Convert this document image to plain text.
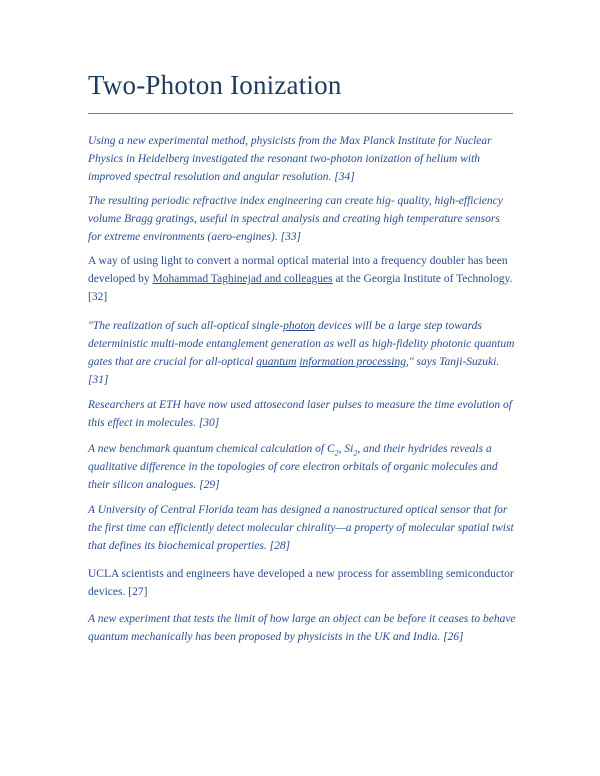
Two-Photon Ionization

Using a new experimental method, physicists from the Max Planck Institute for Nuclear Physics in Heidelberg investigated the resonant two-photon ionization of helium with improved spectral resolution and angular resolution. [34]

The resulting periodic refractive index engineering can create hig- quality, high-efficiency volume Bragg gratings, useful in spectral analysis and creating high temperature sensors for extreme environments (aero-engines). [33]

A way of using light to convert a normal optical material into a frequency doubler has been developed by Mohammad Taghinejad and colleagues at the Georgia Institute of Technology. [32]

"The realization of such all-optical single-photon devices will be a large step towards deterministic multi-mode entanglement generation as well as high-fidelity photonic quantum gates that are crucial for all-optical quantum information processing," says Tanji-Suzuki. [31]

Researchers at ETH have now used attosecond laser pulses to measure the time evolution of this effect in molecules. [30]

A new benchmark quantum chemical calculation of $C_2$, $Si_2$, and their hydrides reveals a qualitative difference in the topologies of core electron orbitals of organic molecules and their silicon analogues. [29]

A University of Central Florida team has designed a nanostructured optical sensor that for the first time can efficiently detect molecular chirality—a property of molecular spatial twist that defines its biochemical properties. [28]

UCLA scientists and engineers have developed a new process for assembling semiconductor devices. [27]

A new experiment that tests the limit of how large an object can be before it ceases to behave quantum mechanically has been proposed by physicists in the UK and India. [26]
